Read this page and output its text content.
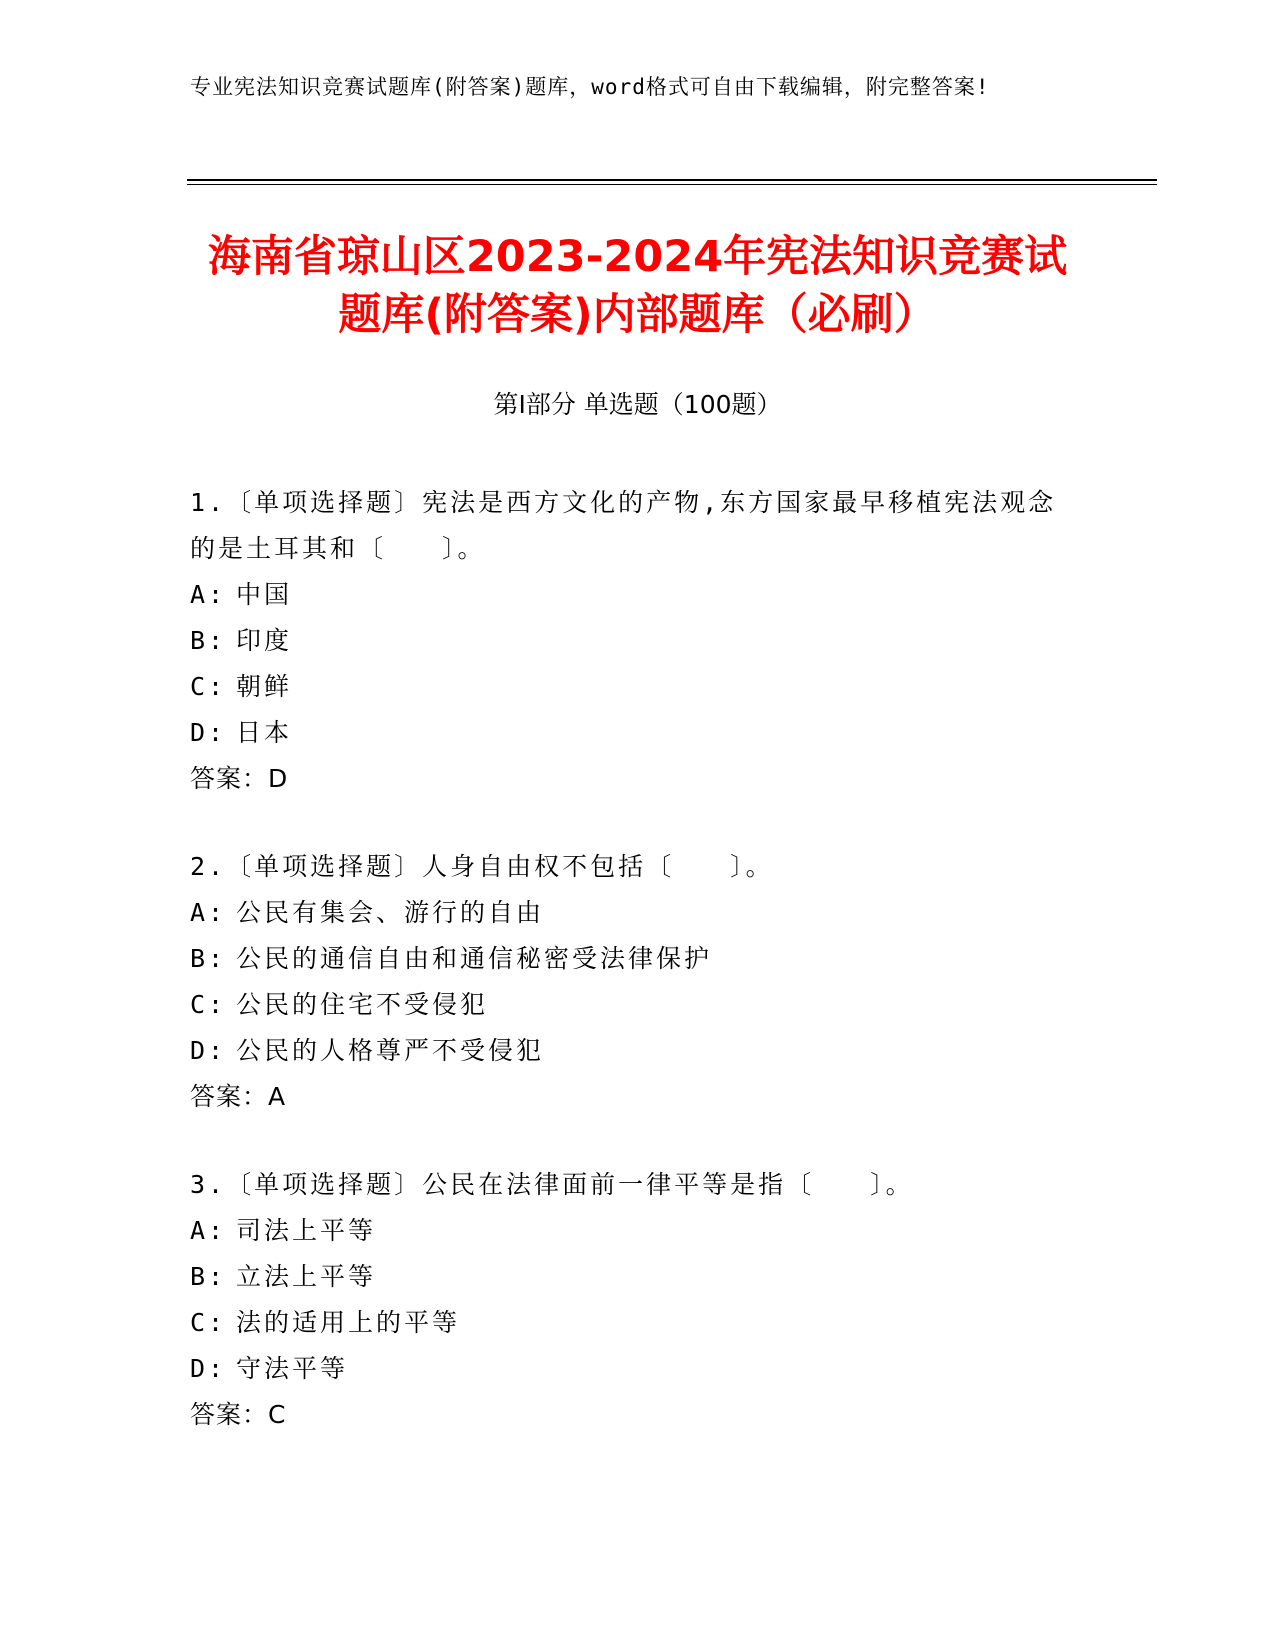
专业宪法知识竞赛试题库(附答案)题库，word格式可自由下载编辑，附完整答案!
海南省琼山区2023-2024年宪法知识竞赛试
题库(附答案)内部题库（必刷）
第Ⅰ部分 单选题（100题）
1.〔单项选择题〕宪法是西方文化的产物,东方国家最早移植宪法观念的是土耳其和〔　　〕。
A: 中国
B: 印度
C: 朝鲜
D: 日本
答案：D
2.〔单项选择题〕人身自由权不包括〔　　〕。
A: 公民有集会、游行的自由
B: 公民的通信自由和通信秘密受法律保护
C: 公民的住宅不受侵犯
D: 公民的人格尊严不受侵犯
答案：A
3.〔单项选择题〕公民在法律面前一律平等是指〔　　〕。
A: 司法上平等
B: 立法上平等
C: 法的适用上的平等
D: 守法平等
答案：C
